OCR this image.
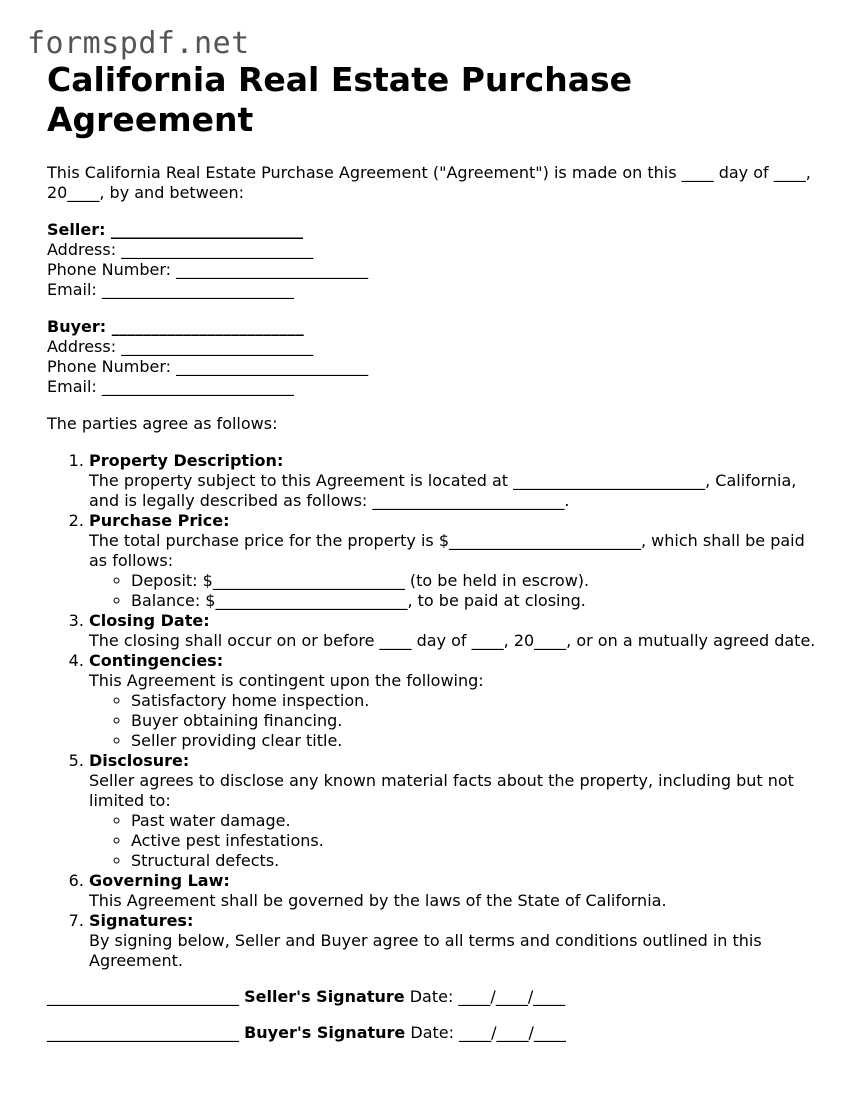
formspdf.net
California Real Estate Purchase Agreement

This California Real Estate Purchase Agreement ("Agreement") is made on this ____ day of ____, 20____, by and between:

Seller: ________________________

Address: ________________________

Phone Number: ________________________

Email: ________________________

Buyer: ________________________

Address: ________________________

Phone Number: ________________________

Email: ________________________

The parties agree as follows:

1. Property Description:
The property subject to this Agreement is located at ________________________, California, and is legally described as follows: ________________________.
2. Purchase Price:
The total purchase price for the property is $________________________, which shall be paid as follows:
◦ Deposit: $________________________ (to be held in escrow).
◦ Balance: $________________________, to be paid at closing.
3. Closing Date:
The closing shall occur on or before ____ day of ____, 20____, or on a mutually agreed date.
4. Contingencies:
This Agreement is contingent upon the following:
◦ Satisfactory home inspection.
◦ Buyer obtaining financing.
◦ Seller providing clear title.
5. Disclosure:
Seller agrees to disclose any known material facts about the property, including but not limited to:
◦ Past water damage.
◦ Active pest infestations.
◦ Structural defects.
6. Governing Law:
This Agreement shall be governed by the laws of the State of California.
7. Signatures:
By signing below, Seller and Buyer agree to all terms and conditions outlined in this Agreement.

________________________ Seller's Signature Date: ____/____/____

________________________ Buyer's Signature Date: ____/____/____
